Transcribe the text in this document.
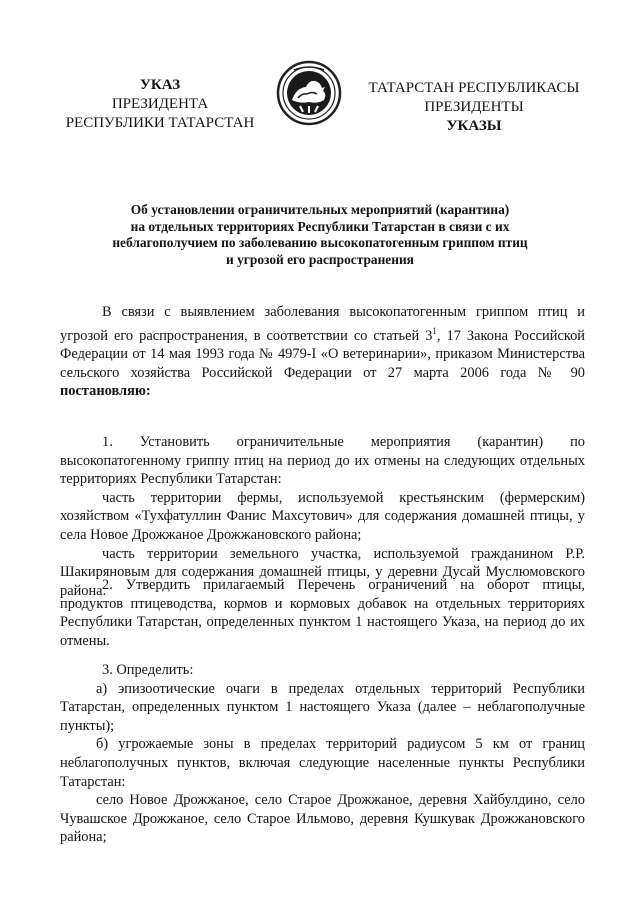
УКАЗ
ПРЕЗИДЕНТА
РЕСПУБЛИКИ ТАТАРСТАН
ТАТАРСТАН РЕСПУБЛИКАСЫ
ПРЕЗИДЕНТЫ
УКАЗЫ
Об установлении ограничительных мероприятий (карантина)
на отдельных территориях Республики Татарстан в связи с их
неблагополучием по заболеванию высокопатогенным гриппом птиц
и угрозой его распространения

В связи с выявлением заболевания высокопатогенным гриппом птиц и угрозой его распространения, в соответствии со статьей $3^1$, 17 Закона Российской Федерации от 14 мая 1993 года № 4979-I «О ветеринарии», приказом Министерства сельского хозяйства Российской Федерации от 27 марта 2006 года № 90 постановляю:

1. Установить ограничительные мероприятия (карантин) по высокопатогенному гриппу птиц на период до их отмены на следующих отдельных территориях Республики Татарстан:

часть территории фермы, используемой крестьянским (фермерским) хозяйством «Тухфатуллин Фанис Махсутович» для содержания домашней птицы, у села Новое Дрожжаное Дрожжановского района;

часть территории земельного участка, используемой гражданином Р.Р. Шакиряновым для содержания домашней птицы, у деревни Дусай Муслюмовского района.

2. Утвердить прилагаемый Перечень ограничений на оборот птицы, продуктов птицеводства, кормов и кормовых добавок на отдельных территориях Республики Татарстан, определенных пунктом 1 настоящего Указа, на период до их отмены.

3. Определить:

а) эпизоотические очаги в пределах отдельных территорий Республики Татарстан, определенных пунктом 1 настоящего Указа (далее – неблагополучные пункты);

б) угрожаемые зоны в пределах территорий радиусом 5 км от границ неблагополучных пунктов, включая следующие населенные пункты Республики Татарстан:

село Новое Дрожжаное, село Старое Дрожжаное, деревня Хайбулдино, село Чувашское Дрожжаное, село Старое Ильмово, деревня Кушкувак Дрожжановского района;
